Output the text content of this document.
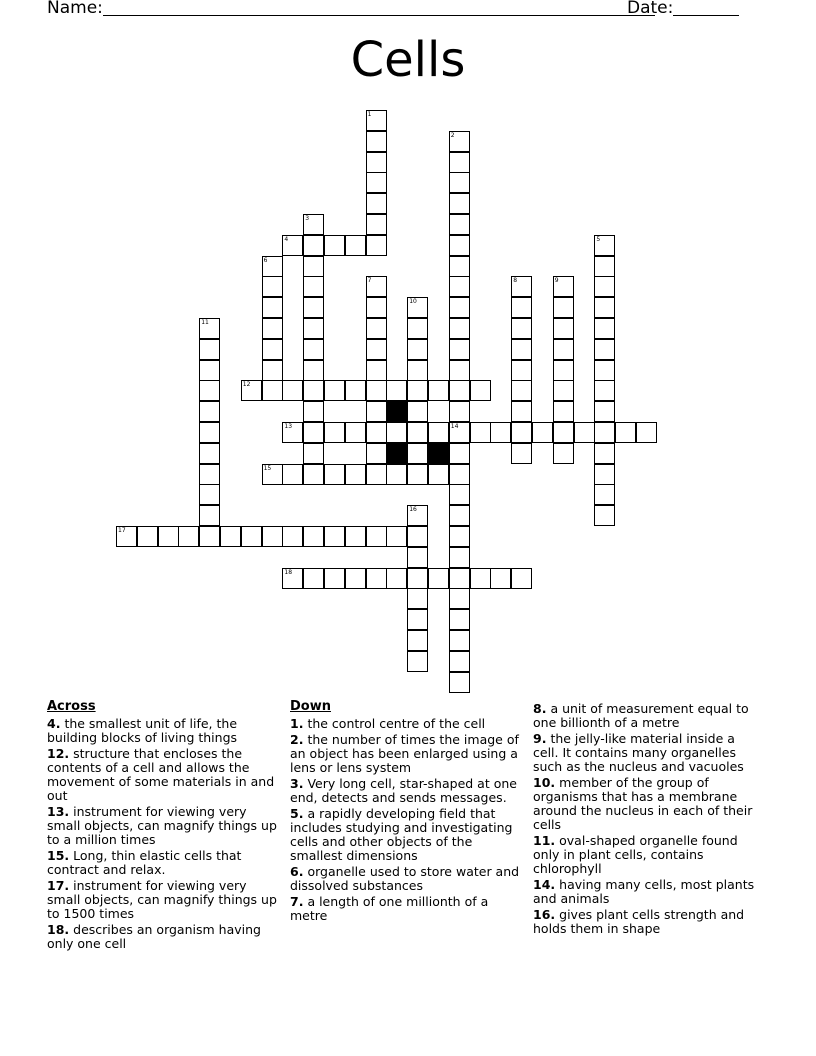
Name:	Date:
Cells
1
2
3
4	5
6
7	8	9
10
11
12
13	14
15
16
17
18
Across
4. the smallest unit of life, the building blocks of living things
12. structure that encloses the contents of a cell and allows the movement of some materials in and out
13. instrument for viewing very small objects, can magnify things up to a million times
15. Long, thin elastic cells that contract and relax.
17. instrument for viewing very small objects, can magnify things up to 1500 times
18. describes an organism having only one cell
Down
1. the control centre of the cell
2. the number of times the image of an object has been enlarged using a lens or lens system
3. Very long cell, star-shaped at one end, detects and sends messages.
5. a rapidly developing field that includes studying and investigating cells and other objects of the smallest dimensions
6. organelle used to store water and dissolved substances
7. a length of one millionth of a metre
8. a unit of measurement equal to one billionth of a metre
9. the jelly-like material inside a cell. It contains many organelles such as the nucleus and vacuoles
10. member of the group of organisms that has a membrane around the nucleus in each of their cells
11. oval-shaped organelle found only in plant cells, contains chlorophyll
14. having many cells, most plants and animals
16. gives plant cells strength and holds them in shape
